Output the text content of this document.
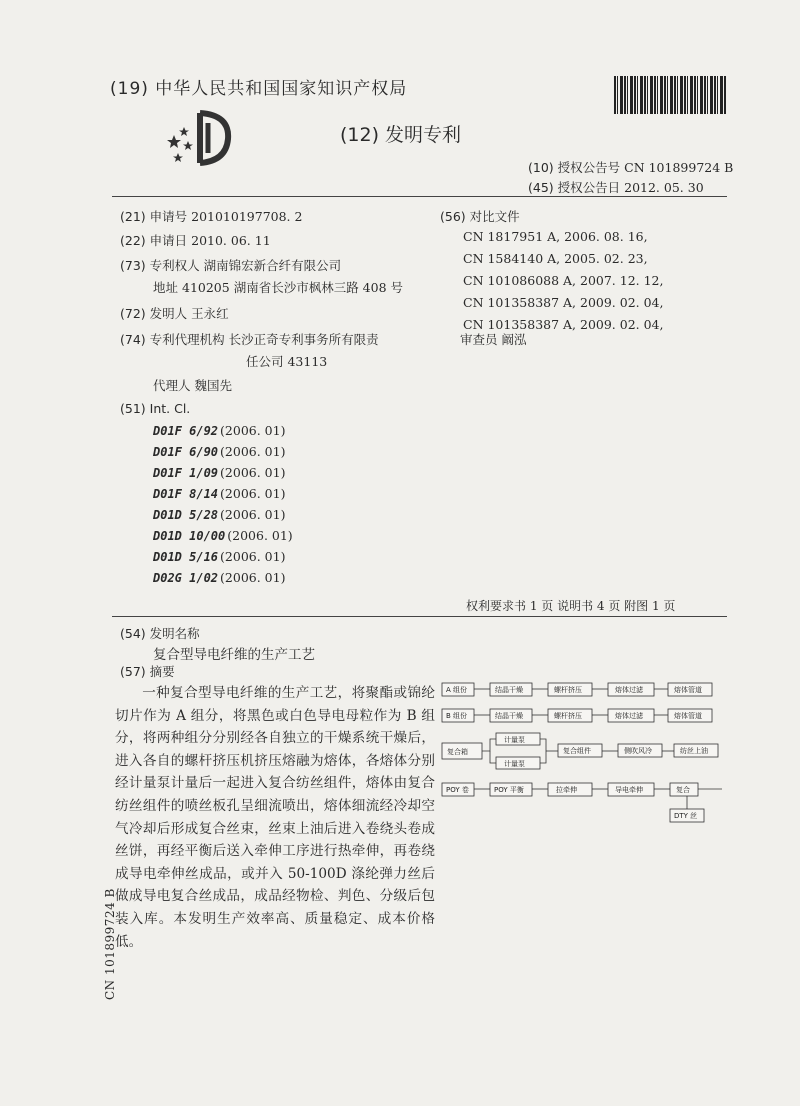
(19) 中华人民共和国国家知识产权局
(12) 发明专利
(10) 授权公告号 CN 101899724 B
(45) 授权公告日 2012. 05. 30
(21) 申请号 201010197708. 2
(22) 申请日 2010. 06. 11
(73) 专利权人 湖南锦宏新合纤有限公司
地址 410205 湖南省长沙市枫林三路 408 号
(72) 发明人 王永红
(74) 专利代理机构 长沙正奇专利事务所有限责
任公司 43113
审查员 阚泓
代理人 魏国先
(51) Int. Cl.
D01F 6/92 (2006. 01)
D01F 6/90 (2006. 01)
D01F 1/09 (2006. 01)
D01F 8/14 (2006. 01)
D01D 5/28 (2006. 01)
D01D 10/00 (2006. 01)
D01D 5/16 (2006. 01)
D02G 1/02 (2006. 01)
(56) 对比文件
CN 1817951 A, 2006. 08. 16,
CN 1584140 A, 2005. 02. 23,
CN 101086088 A, 2007. 12. 12,
CN 101358387 A, 2009. 02. 04,
CN 101358387 A, 2009. 02. 04,
权利要求书 1 页 说明书 4 页 附图 1 页
(54) 发明名称
复合型导电纤维的生产工艺
(57) 摘要
一种复合型导电纤维的生产工艺，将聚酯或锦纶切片作为 A 组分，将黑色或白色导电母粒作为 B 组分，将两种组分分别经各自独立的干燥系统干燥后，进入各自的螺杆挤压机挤压熔融为熔体，各熔体分别经计量泵计量后一起进入复合纺丝组件，熔体由复合纺丝组件的喷丝板孔呈细流喷出，熔体细流经冷却空气冷却后形成复合丝束，丝束上油后进入卷绕头卷成丝饼，再经平衡后送入牵伸工序进行热牵伸，再卷绕成导电牵伸丝成品，或并入 50-100D 涤纶弹力丝后做成导电复合丝成品，成品经物检、判色、分级后包装入库。本发明生产效率高、质量稳定、成本价格低。
CN 101899724 B
A 组份	结晶干燥	螺杆挤压	熔体过滤	熔体管道
B 组份	结晶干燥	螺杆挤压	熔体过滤	熔体管道
复合箱
计量泵
计量泵
复合组件	侧吹风冷	纺丝上油
POY 卷	POY 平衡	拉牵伸	导电牵伸	复合
DTY 丝
